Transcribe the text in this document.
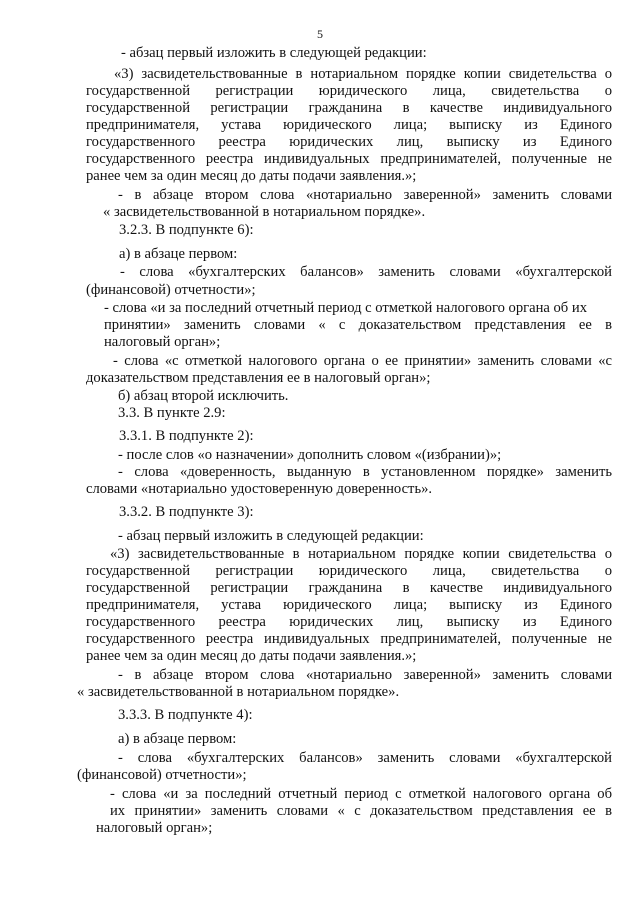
5
- абзац первый изложить в следующей редакции:
«3) засвидетельствованные в нотариальном порядке копии свидетельства о
государственной регистрации юридического лица, свидетельства о
государственной регистрации гражданина в качестве индивидуального
предпринимателя, устава юридического лица; выписку из Единого
государственного реестра юридических лиц, выписку из Единого
государственного реестра индивидуальных предпринимателей, полученные не
ранее чем за один месяц до даты подачи заявления.»;
- в абзаце втором слова «нотариально заверенной» заменить словами
« засвидетельствованной в нотариальном порядке».
3.2.3. В подпункте 6):
а) в абзаце первом:
- слова «бухгалтерских балансов» заменить словами «бухгалтерской
(финансовой) отчетности»;
- слова «и за последний отчетный период с отметкой налогового органа об их
принятии» заменить словами « с доказательством представления ее в
налоговый орган»;
- слова «с отметкой налогового органа о ее принятии» заменить словами «с
доказательством представления ее в налоговый орган»;
б) абзац второй исключить.
3.3. В пункте 2.9:
3.3.1. В подпункте 2):
- после слов «о назначении» дополнить словом «(избрании)»;
- слова «доверенность, выданную в установленном порядке» заменить
словами «нотариально удостоверенную доверенность».
3.3.2. В подпункте 3):
- абзац первый изложить в следующей редакции:
«3) засвидетельствованные в нотариальном порядке копии свидетельства о
государственной регистрации юридического лица, свидетельства о
государственной регистрации гражданина в качестве индивидуального
предпринимателя, устава юридического лица; выписку из Единого
государственного реестра юридических лиц, выписку из Единого
государственного реестра индивидуальных предпринимателей, полученные не
ранее чем за один месяц до даты подачи заявления.»;
- в абзаце втором слова «нотариально заверенной» заменить словами
« засвидетельствованной в нотариальном порядке».
3.3.3. В подпункте 4):
а) в абзаце первом:
- слова «бухгалтерских балансов» заменить словами «бухгалтерской
(финансовой) отчетности»;
- слова «и за последний отчетный период с отметкой налогового органа об
их принятии» заменить словами « с доказательством представления ее в
налоговый орган»;
